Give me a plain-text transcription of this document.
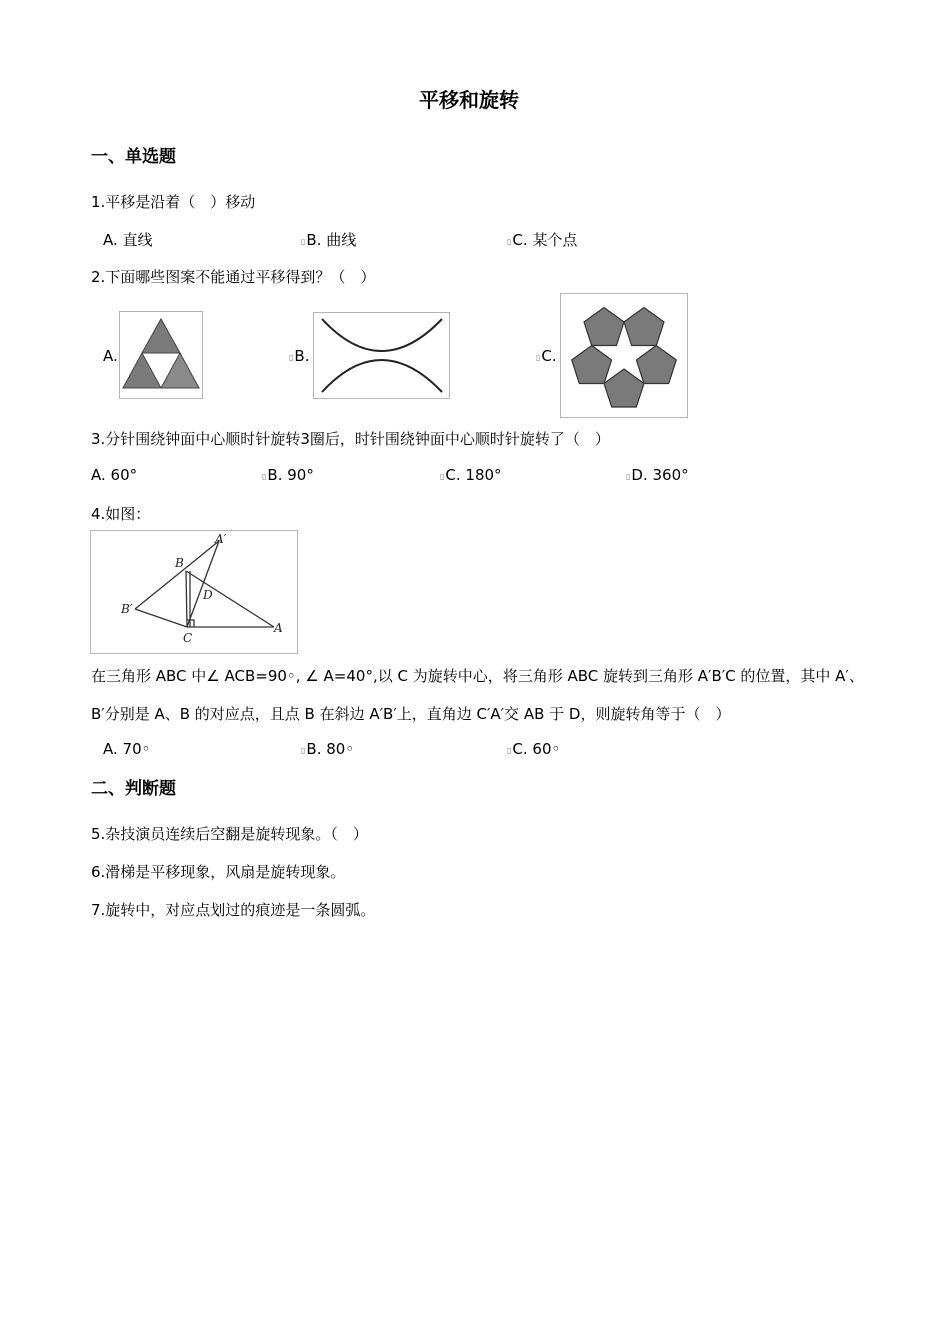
平移和旋转
一、单选题
1.平移是沿着（　）移动
A. 直线	▯B. 曲线	▯C. 某个点
2.下面哪些图案不能通过平移得到？（　）
A.	▯B.	▯C.
3.分针围绕钟面中心顺时针旋转3圈后，时针围绕钟面中心顺时针旋转了（　）
A. 60°	▯B. 90°	▯C. 180°	▯D. 360°
4.如图：
A′
B
D
B′
C
A
在三角形 ABC 中∠ ACB=90◦, ∠ A=40°,以 C 为旋转中心，将三角形 ABC 旋转到三角形 A′B′C 的位置，其中 A′、
B′分别是 A、B 的对应点，且点 B 在斜边 A′B′上，直角边 C′A′交 AB 于 D，则旋转角等于（　）
A. 70◦	▯B. 80◦	▯C. 60◦
二、判断题
5.杂技演员连续后空翻是旋转现象。（　）
6.滑梯是平移现象，风扇是旋转现象。
7.旋转中，对应点划过的痕迹是一条圆弧。
